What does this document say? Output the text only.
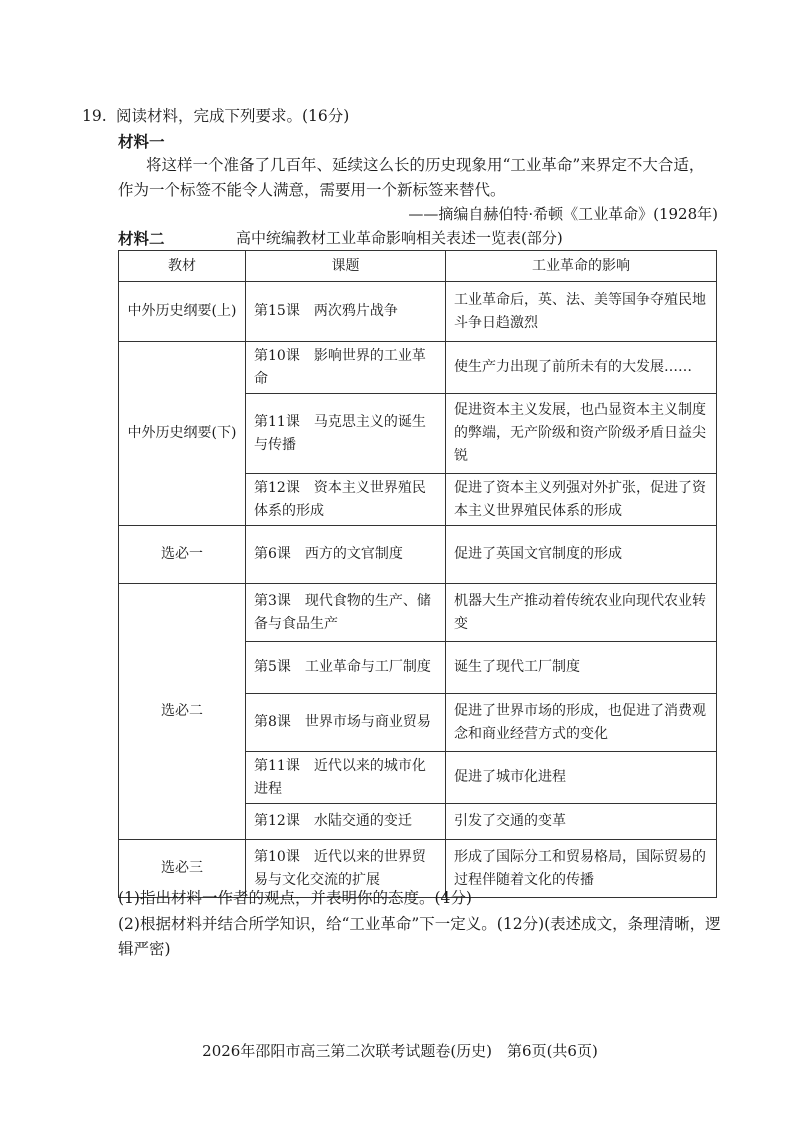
19. 阅读材料，完成下列要求。(16分)
材料一
将这样一个准备了几百年、延续这么长的历史现象用“工业革命”来界定不大合适，作为一个标签不能令人满意，需要用一个新标签来替代。
——摘编自赫伯特·希顿《工业革命》(1928年)
材料二	高中统编教材工业革命影响相关表述一览表(部分)
教材	课题	工业革命的影响
中外历史纲要(上)	第15课　两次鸦片战争	工业革命后，英、法、美等国争夺殖民地斗争日趋激烈
中外历史纲要(下)	第10课　影响世界的工业革命	使生产力出现了前所未有的大发展……
	第11课　马克思主义的诞生与传播	促进资本主义发展，也凸显资本主义制度的弊端，无产阶级和资产阶级矛盾日益尖锐
	第12课　资本主义世界殖民体系的形成	促进了资本主义列强对外扩张，促进了资本主义世界殖民体系的形成
选必一	第6课　西方的文官制度	促进了英国文官制度的形成
选必二	第3课　现代食物的生产、储备与食品生产	机器大生产推动着传统农业向现代农业转变
	第5课　工业革命与工厂制度	诞生了现代工厂制度
	第8课　世界市场与商业贸易	促进了世界市场的形成，也促进了消费观念和商业经营方式的变化
	第11课　近代以来的城市化进程	促进了城市化进程
	第12课　水陆交通的变迁	引发了交通的变革
选必三	第10课　近代以来的世界贸易与文化交流的扩展	形成了国际分工和贸易格局，国际贸易的过程伴随着文化的传播
(1)指出材料一作者的观点，并表明你的态度。(4分)
(2)根据材料并结合所学知识，给“工业革命”下一定义。(12分)(表述成文，条理清晰，逻辑严密)
2026年邵阳市高三第二次联考试题卷(历史)　第6页(共6页)
